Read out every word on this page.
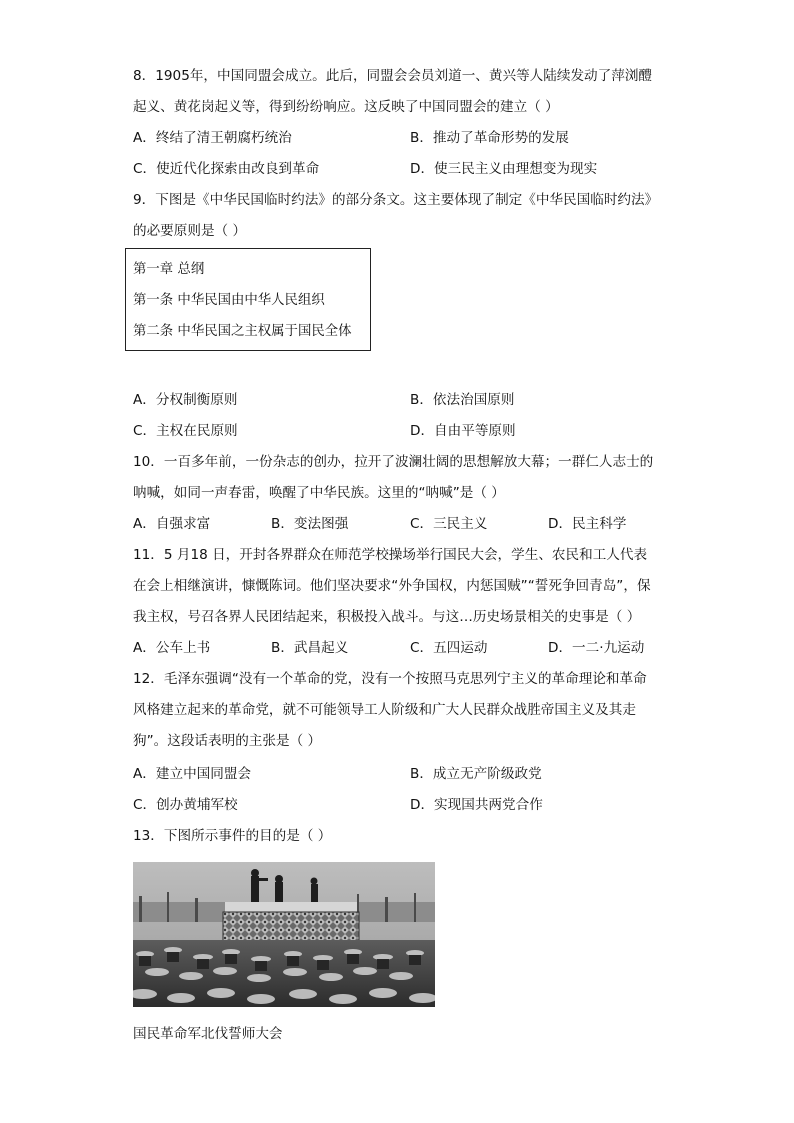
8．1905年，中国同盟会成立。此后，同盟会会员刘道一、黄兴等人陆续发动了萍浏醴
起义、黄花岗起义等，得到纷纷响应。这反映了中国同盟会的建立（ ）
A．终结了清王朝腐朽统治	B．推动了革命形势的发展
C．使近代化探索由改良到革命	D．使三民主义由理想变为现实
9．下图是《中华民国临时约法》的部分条文。这主要体现了制定《中华民国临时约法》
的必要原则是（ ）
第一章 总纲
第一条 中华民国由中华人民组织
第二条 中华民国之主权属于国民全体
A．分权制衡原则	B．依法治国原则
C．主权在民原则	D．自由平等原则
10．一百多年前，一份杂志的创办，拉开了波澜壮阔的思想解放大幕；一群仁人志士的
呐喊，如同一声春雷，唤醒了中华民族。这里的“呐喊”是（ ）
A．自强求富	B．变法图强	C．三民主义	D．民主科学
11．5 月18 日，开封各界群众在师范学校操场举行国民大会，学生、农民和工人代表
在会上相继演讲，慷慨陈词。他们坚决要求“外争国权，内惩国贼”“誓死争回青岛”，保
我主权，号召各界人民团结起来，积极投入战斗。与这…历史场景相关的史事是（ ）
A．公车上书	B．武昌起义	C．五四运动	D．一二·九运动
12．毛泽东强调“没有一个革命的党，没有一个按照马克思列宁主义的革命理论和革命
风格建立起来的革命党，就不可能领导工人阶级和广大人民群众战胜帝国主义及其走
狗”。这段话表明的主张是（ ）
A．建立中国同盟会	B．成立无产阶级政党
C．创办黄埔军校	D．实现国共两党合作
13．下图所示事件的目的是（ ）
国民革命军北伐誓师大会
